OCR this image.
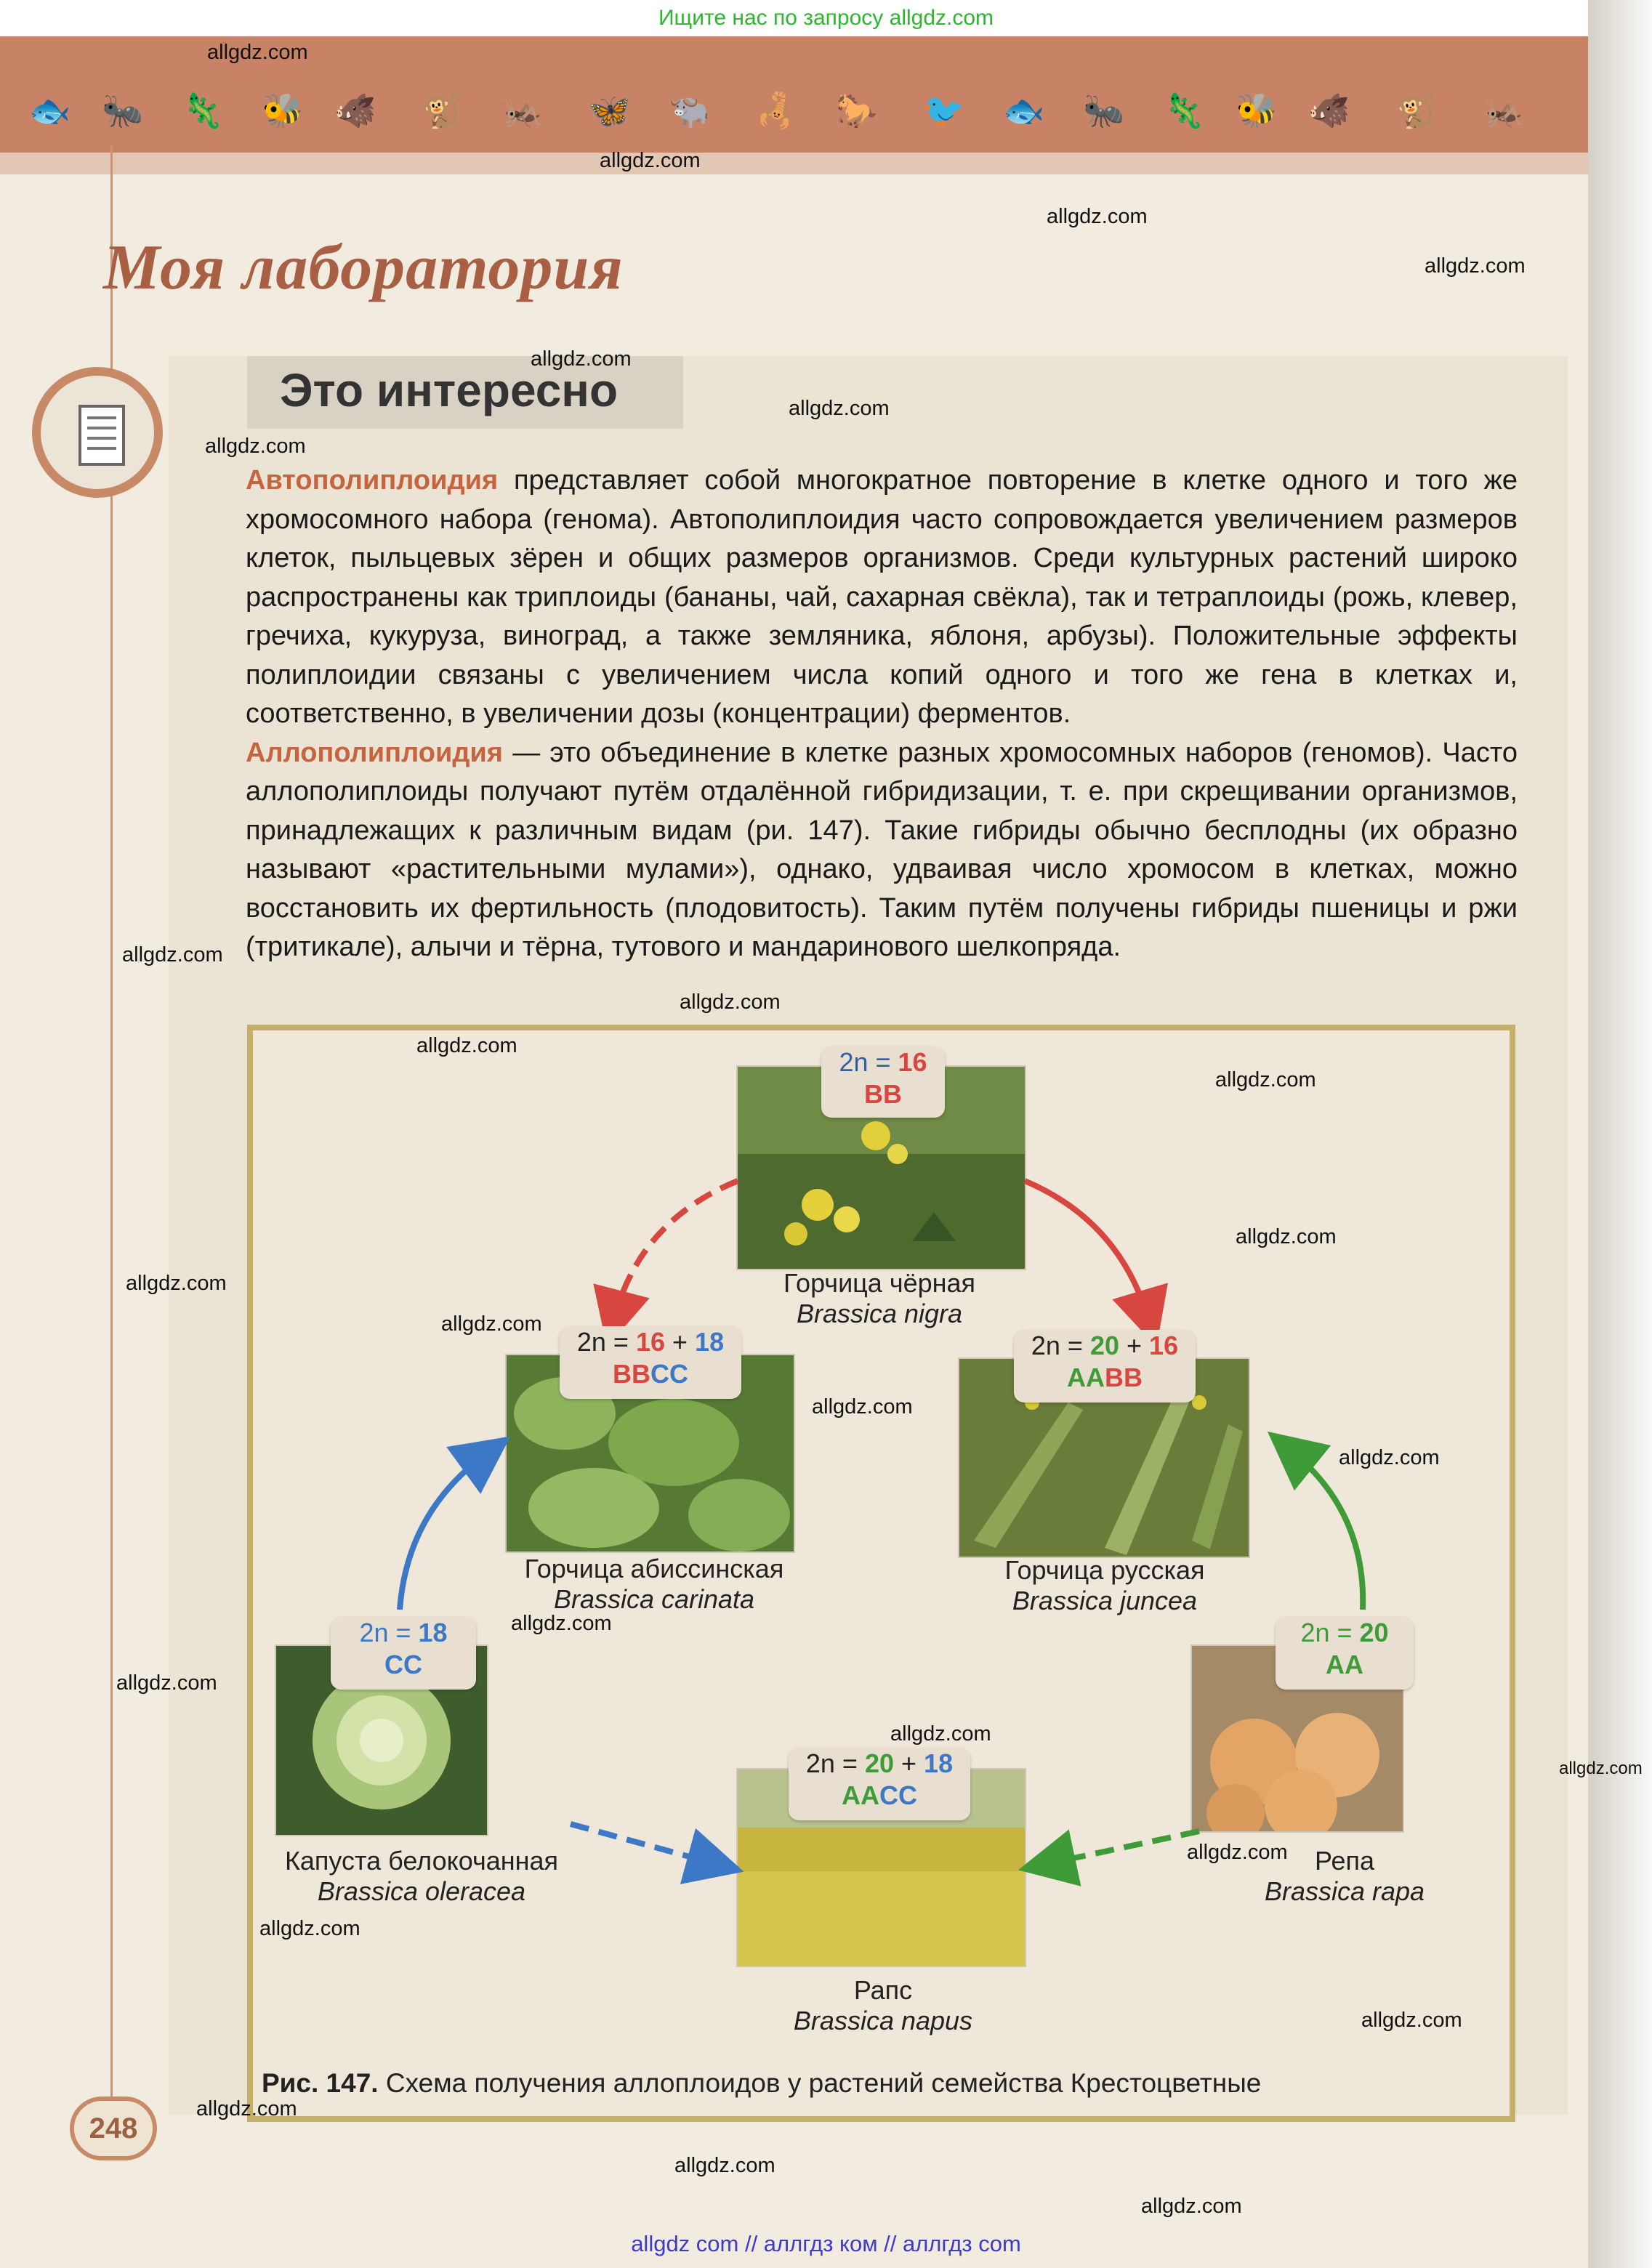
Ищите нас по запросу allgdz.com
🐟 🐜 🦎 🐝 🐗 🐒 🦗 🦋 🐃 🦂 🐎 🐦 🐟 🐜 🦎 🐝 🐗 🐒 🦗
Моя лаборатория
Это интересно

Автополиплоидия представляет собой многократное повторение в клетке одного и того же хромосомного набора (генома). Автополиплоидия часто сопровождается увеличением размеров клеток, пыльцевых зёрен и общих размеров организмов. Среди культурных растений широко распространены как триплоиды (бананы, чай, сахарная свёкла), так и тетраплоиды (рожь, клевер, гречиха, кукуруза, виноград, а также земляника, яблоня, арбузы). Положительные эффекты полиплоидии связаны с увеличением числа копий одного и того же гена в клетках и, соответственно, в увеличении дозы (концентрации) ферментов.

Аллополиплоидия — это объединение в клетке разных хромосомных наборов (геномов). Часто аллополиплоиды получают путём отдалённой гибридизации, т. е. при скрещивании организмов, принадлежащих к различным видам (ри. 147). Такие гибриды обычно бесплодны (их образно называют «растительными мулами»), однако, удваивая число хромосом в клетках, можно восстановить их фертильность (плодовитость). Таким путём получены гибриды пшеницы и ржи (тритикале), алычи и тёрна, тутового и мандаринового шелкопряда.

2n = 16
BB
2n = 16 + 18
BBCC
2n = 20 + 16
AABB
2n = 18
CC
2n = 20
AA
2n = 20 + 18
AACC
Горчица чёрная
Brassica nigra
Горчица абиссинская
Brassica carinata
Горчица русская
Brassica juncea
Капуста белокочанная
Brassica oleracea
Репа
Brassica rapa
Рапс
Brassica napus
Рис. 147. Схема получения аллоплоидов у растений семейства Крестоцветные
248
allgdz.com
allgdz.com
allgdz.com
allgdz.com
allgdz.com
allgdz.com
allgdz.com
allgdz.com
allgdz.com
allgdz.com
allgdz.com
allgdz.com
allgdz.com
allgdz.com
allgdz.com
allgdz.com
allgdz.com
allgdz.com
allgdz.com
allgdz.com
allgdz.com
allgdz.com
allgdz.com
allgdz.com
allgdz.com
allgdz.com
allgdz com // аллгдз ком // аллгдз com
